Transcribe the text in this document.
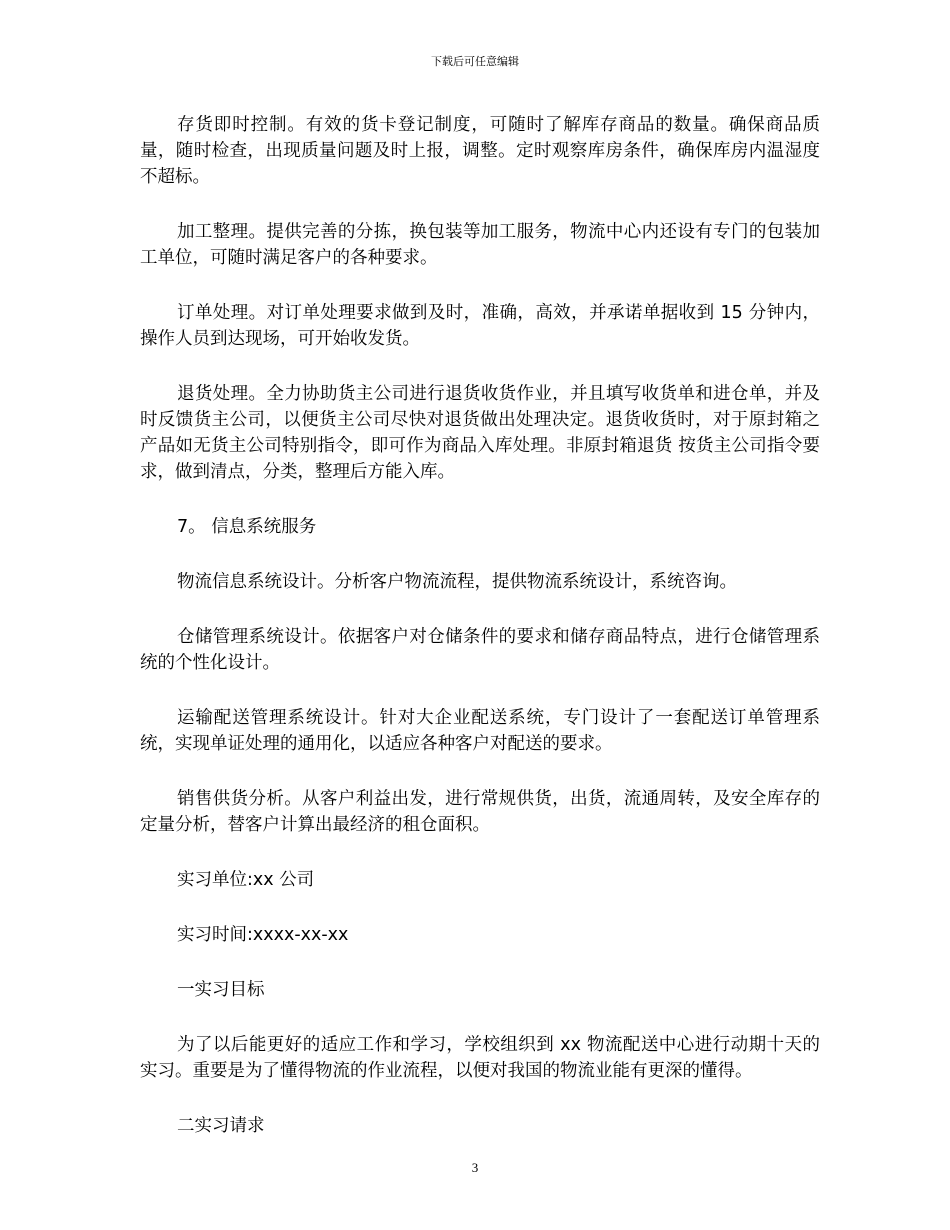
下载后可任意编辑

存货即时控制。有效的货卡登记制度，可随时了解库存商品的数量。确保商品质量，随时检查，出现质量问题及时上报，调整。定时观察库房条件，确保库房内温湿度不超标。

加工整理。提供完善的分拣，换包装等加工服务，物流中心内还设有专门的包装加工单位，可随时满足客户的各种要求。

订单处理。对订单处理要求做到及时，准确，高效，并承诺单据收到 15 分钟内，操作人员到达现场，可开始收发货。

退货处理。全力协助货主公司进行退货收货作业，并且填写收货单和进仓单，并及时反馈货主公司，以便货主公司尽快对退货做出处理决定。退货收货时，对于原封箱之产品如无货主公司特别指令，即可作为商品入库处理。非原封箱退货 按货主公司指令要求，做到清点，分类，整理后方能入库。

7。 信息系统服务

物流信息系统设计。分析客户物流流程，提供物流系统设计，系统咨询。

仓储管理系统设计。依据客户对仓储条件的要求和储存商品特点，进行仓储管理系统的个性化设计。

运输配送管理系统设计。针对大企业配送系统，专门设计了一套配送订单管理系统，实现单证处理的通用化，以适应各种客户对配送的要求。

销售供货分析。从客户利益出发，进行常规供货，出货，流通周转，及安全库存的定量分析，替客户计算出最经济的租仓面积。

实习单位:xx 公司

实习时间:xxxx-xx-xx

一实习目标

为了以后能更好的适应工作和学习，学校组织到 xx 物流配送中心进行动期十天的实习。重要是为了懂得物流的作业流程，以便对我国的物流业能有更深的懂得。

二实习请求

3
